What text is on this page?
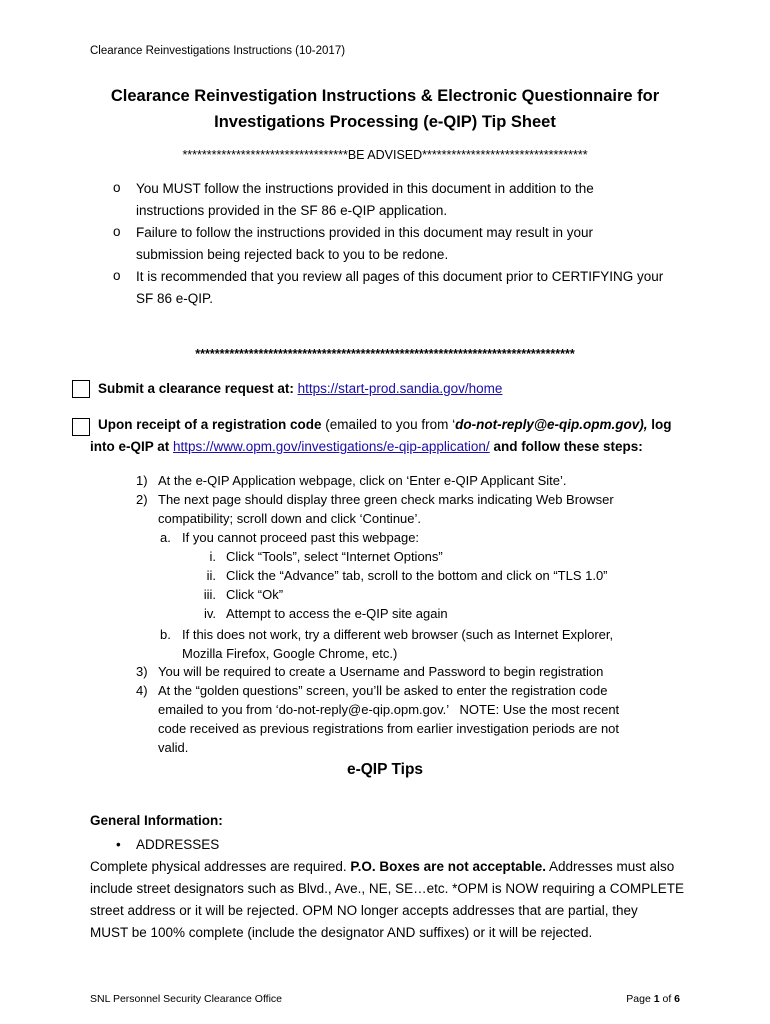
Clearance Reinvestigations Instructions (10-2017)
Clearance Reinvestigation Instructions & Electronic Questionnaire for
Investigations Processing (e-QIP) Tip Sheet
**********************************BE ADVISED**********************************
o You MUST follow the instructions provided in this document in addition to the
instructions provided in the SF 86 e-QIP application.
o Failure to follow the instructions provided in this document may result in your
submission being rejected back to you to be redone.
o It is recommended that you review all pages of this document prior to CERTIFYING your
SF 86 e-QIP.
******************************************************************************
Submit a clearance request at: https://start-prod.sandia.gov/home
Upon receipt of a registration code (emailed to you from ‘do-not-reply@e-qip.opm.gov), log
into e-QIP at https://www.opm.gov/investigations/e-qip-application/ and follow these steps:
1) At the e-QIP Application webpage, click on ‘Enter e-QIP Applicant Site’.
2) The next page should display three green check marks indicating Web Browser
compatibility; scroll down and click ‘Continue’.
a. If you cannot proceed past this webpage:
i. Click “Tools”, select “Internet Options”
ii. Click the “Advance” tab, scroll to the bottom and click on “TLS 1.0”
iii. Click “Ok”
iv. Attempt to access the e-QIP site again
b. If this does not work, try a different web browser (such as Internet Explorer,
Mozilla Firefox, Google Chrome, etc.)
3) You will be required to create a Username and Password to begin registration
4) At the “golden questions” screen, you’ll be asked to enter the registration code
emailed to you from ‘do-not-reply@e-qip.opm.gov.’   NOTE: Use the most recent
code received as previous registrations from earlier investigation periods are not
valid.
e-QIP Tips
General Information:
• ADDRESSES
Complete physical addresses are required. P.O. Boxes are not acceptable. Addresses must also
include street designators such as Blvd., Ave., NE, SE…etc. *OPM is NOW requiring a COMPLETE
street address or it will be rejected. OPM NO longer accepts addresses that are partial, they
MUST be 100% complete (include the designator AND suffixes) or it will be rejected.
SNL Personnel Security Clearance Office	Page 1 of 6
